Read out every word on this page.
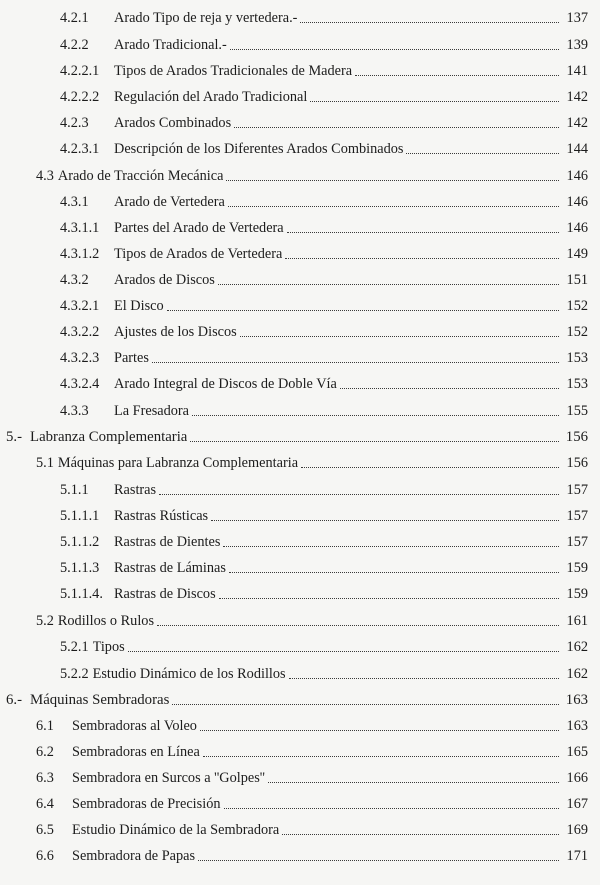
4.2.1	Arado Tipo de reja y vertedera.-	137
4.2.2	Arado Tradicional.-	139
4.2.2.1	Tipos de Arados Tradicionales de Madera	141
4.2.2.2	Regulación del Arado Tradicional	142
4.2.3	Arados Combinados	142
4.2.3.1	Descripción de los Diferentes Arados Combinados	144
4.3 Arado de Tracción Mecánica	146
4.3.1	Arado de Vertedera	146
4.3.1.1	Partes del Arado de Vertedera	146
4.3.1.2	Tipos de Arados de Vertedera	149
4.3.2	Arados de Discos	151
4.3.2.1	El Disco	152
4.3.2.2	Ajustes de los Discos	152
4.3.2.3	Partes	153
4.3.2.4	Arado Integral de Discos de Doble Vía	153
4.3.3	La Fresadora	155
5.- Labranza Complementaria	156
5.1 Máquinas para Labranza Complementaria	156
5.1.1	Rastras	157
5.1.1.1	Rastras Rústicas	157
5.1.1.2	Rastras de Dientes	157
5.1.1.3	Rastras de Láminas	159
5.1.1.4. Rastras de Discos	159
5.2 Rodillos o Rulos	161
5.2.1 Tipos	162
5.2.2 Estudio Dinámico de los Rodillos	162
6.- Máquinas Sembradoras	163
6.1	Sembradoras al Voleo	163
6.2	Sembradoras en Línea	165
6.3	Sembradora en Surcos a ''Golpes''	166
6.4	Sembradoras de Precisión	167
6.5	Estudio Dinámico de la Sembradora	169
6.6	Sembradora de Papas	171
